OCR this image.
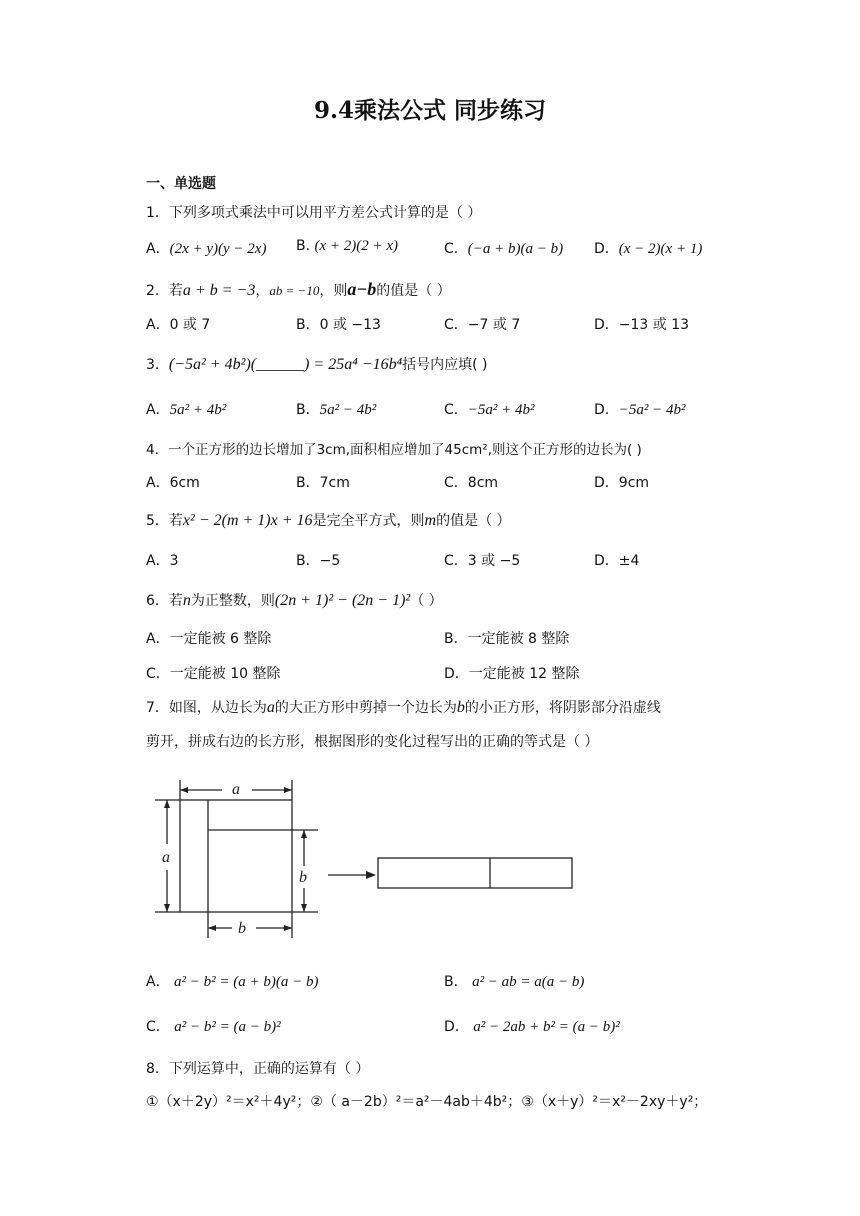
9.4乘法公式 同步练习
一、单选题
1．下列多项式乘法中可以用平方差公式计算的是（ ）
A．(2x + y)(y − 2x) B. (x + 2)(2 + x)	C．(−a + b)(a − b) D．(x − 2)(x + 1)
2．若a + b = −3，ab = −10，则a−b的值是（ ）
A．0 或 7	B．0 或 −13	C．−7 或 7	D．−13 或 13
3．(−5a² + 4b²)(______) = 25a⁴ −16b⁴括号内应填( )
A．5a² + 4b²	B．5a² − 4b²	C．−5a² + 4b²	D．−5a² − 4b²
4．一个正方形的边长增加了3cm,面积相应增加了45cm²,则这个正方形的边长为( )
A．6cm	B．7cm	C．8cm	D．9cm
5．若x² − 2(m + 1)x + 16是完全平方式，则m的值是（ ）
A．3	B．−5	C．3 或 −5	D．±4
6．若n为正整数，则(2n + 1)² − (2n − 1)²（ ）
A．一定能被 6 整除	B．一定能被 8 整除
C．一定能被 10 整除	D．一定能被 12 整除
7．如图，从边长为a的大正方形中剪掉一个边长为b的小正方形，将阴影部分沿虚线
剪开，拼成右边的长方形，根据图形的变化过程写出的正确的等式是（ ）
a
a
b
b
A． a² − b² = (a + b)(a − b)	B． a² − ab = a(a − b)
C． a² − b² = (a − b)²	D． a² − 2ab + b² = (a − b)²
8．下列运算中，正确的运算有（ ）
①（x＋2y）²＝x²＋4y²；②（ a－2b）²＝a²－4ab＋4b²；③（x＋y）²＝x²－2xy＋y²；
